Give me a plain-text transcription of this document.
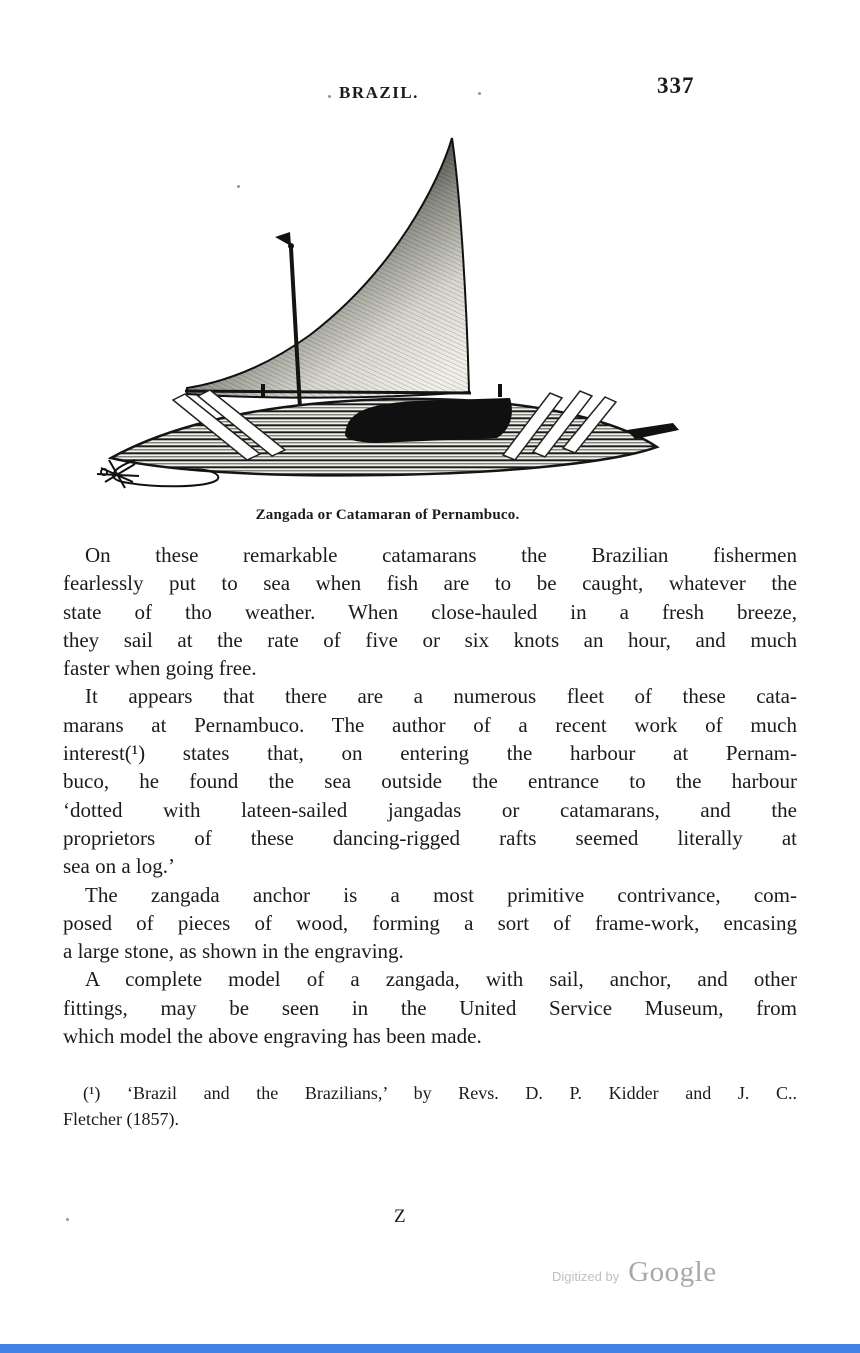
BRAZIL.	337
Zangada or Catamaran of Pernambuco.
On these remarkable catamarans the Brazilian fishermen
fearlessly put to sea when fish are to be caught, whatever the
state of tho weather. When close-hauled in a fresh breeze,
they sail at the rate of five or six knots an hour, and much
faster when going free.
It appears that there are a numerous fleet of these cata-
marans at Pernambuco. The author of a recent work of much
interest(¹) states that, on entering the harbour at Pernam-
buco, he found the sea outside the entrance to the harbour
‘dotted with lateen-sailed jangadas or catamarans, and the
proprietors of these dancing-rigged rafts seemed literally at
sea on a log.’
The zangada anchor is a most primitive contrivance, com-
posed of pieces of wood, forming a sort of frame-work, encasing
a large stone, as shown in the engraving.
A complete model of a zangada, with sail, anchor, and other
fittings, may be seen in the United Service Museum, from
which model the above engraving has been made.
(¹) ‘Brazil and the Brazilians,’ by Revs. D. P. Kidder and J. C..
Fletcher (1857).
Z
Digitized by Google
